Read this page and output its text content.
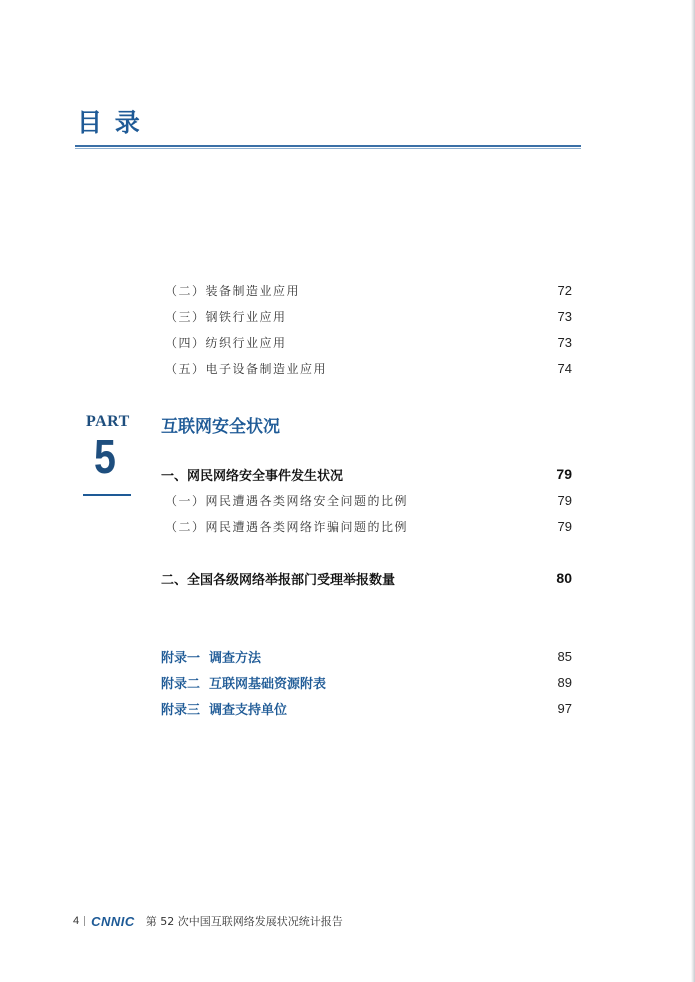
目 录
（二）装备制造业应用	72
（三）钢铁行业应用	73
（四）纺织行业应用	73
（五）电子设备制造业应用	74
PART
5
互联网安全状况
一、网民网络安全事件发生状况	79
（一）网民遭遇各类网络安全问题的比例	79
（二）网民遭遇各类网络诈骗问题的比例	79
二、全国各级网络举报部门受理举报数量	80
附录一  调查方法	85
附录二  互联网基础资源附表	89
附录三  调查支持单位	97
4 CNNIC 第 52 次中国互联网络发展状况统计报告
